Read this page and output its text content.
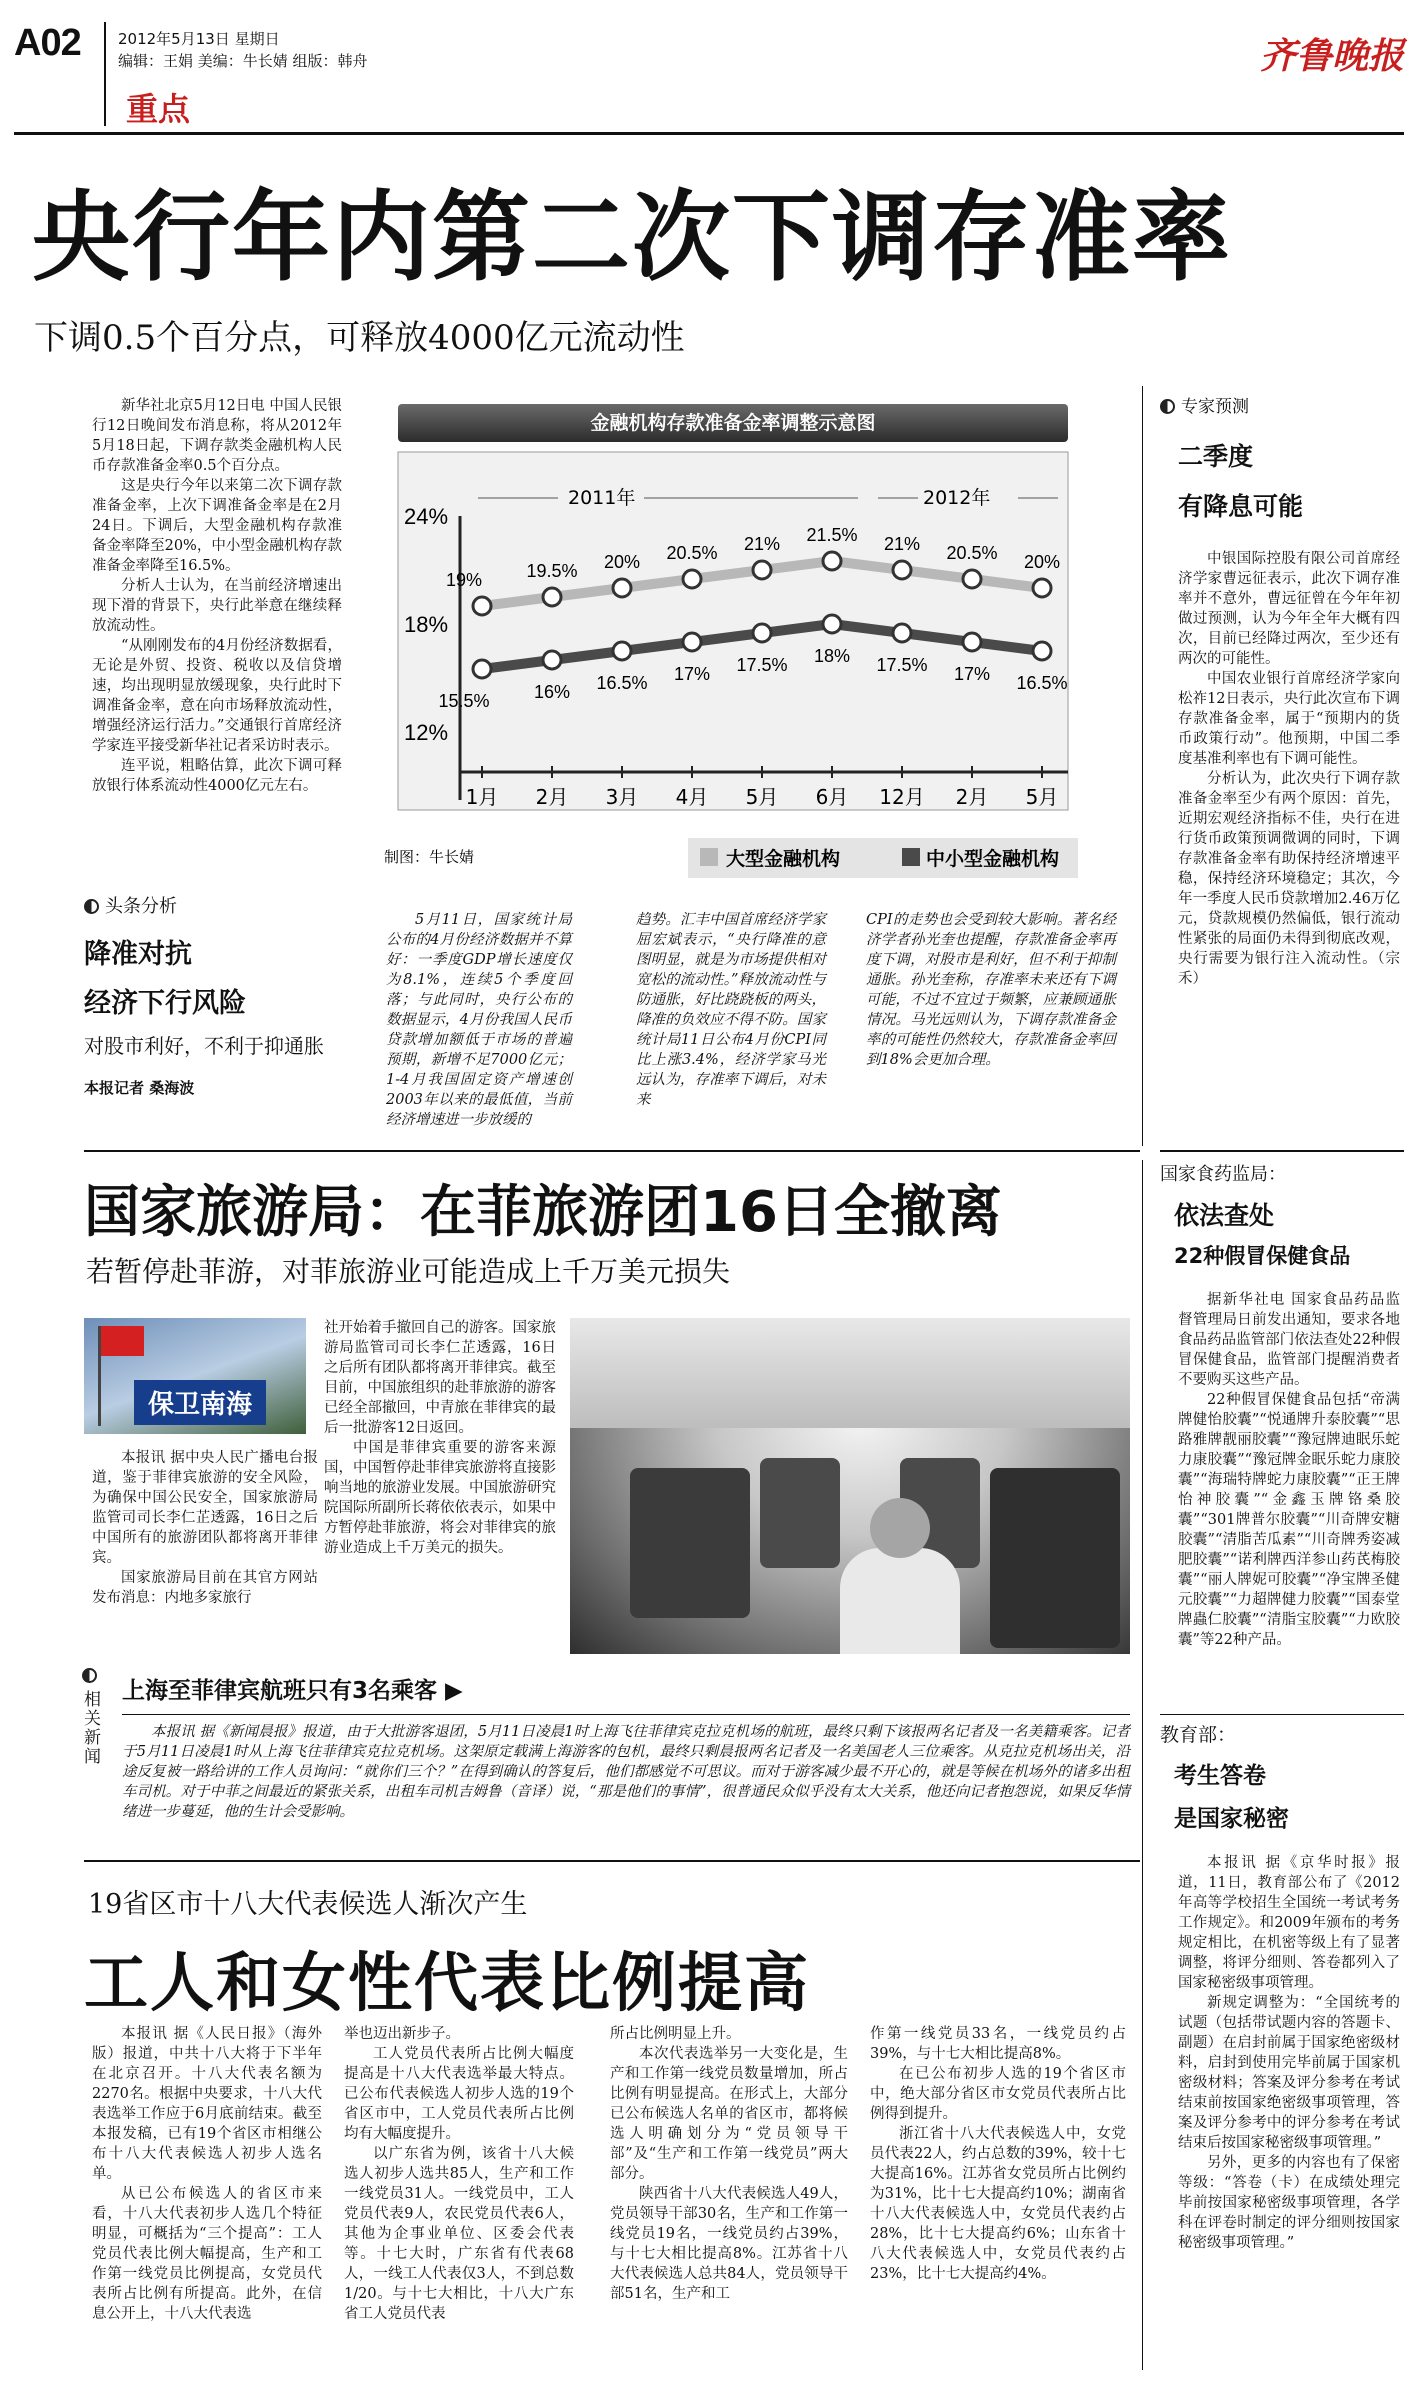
A02 2012年5月13日 星期日
编辑：王娟 美编：牛长婧 组版：韩舟
重点
齐鲁晚报
央行年内第二次下调存准率
下调0.5个百分点，可释放4000亿元流动性

新华社北京5月12日电 中国人民银行12日晚间发布消息称，将从2012年5月18日起，下调存款类金融机构人民币存款准备金率0.5个百分点。

这是央行今年以来第二次下调存款准备金率，上次下调准备金率是在2月24日。下调后，大型金融机构存款准备金率降至20%，中小型金融机构存款准备金率降至16.5%。

分析人士认为，在当前经济增速出现下滑的背景下，央行此举意在继续释放流动性。

“从刚刚发布的4月份经济数据看，无论是外贸、投资、税收以及信贷增速，均出现明显放缓现象，央行此时下调准备金率，意在向市场释放流动性，增强经济运行活力。”交通银行首席经济学家连平接受新华社记者采访时表示。

连平说，粗略估算，此次下调可释放银行体系流动性4000亿元左右。

金融机构存款准备金率调整示意图
24%
18%
12%
2011年	2012年
1月 2月 3月 4月 5月 6月 12月 2月 5月
19% 19.5% 20% 20.5% 21% 21.5% 21% 20.5% 20%
15.5% 16% 16.5% 17% 17.5% 18% 17.5% 17% 16.5%
制图：牛长婧	大型金融机构	中小型金融机构
专家预测
二季度
有降息可能

中银国际控股有限公司首席经济学家曹远征表示，此次下调存准率并不意外，曹远征曾在今年年初做过预测，认为今年全年大概有四次，目前已经降过两次，至少还有两次的可能性。

中国农业银行首席经济学家向松祚12日表示，央行此次宣布下调存款准备金率，属于“预期内的货币政策行动”。他预期，中国二季度基准利率也有下调可能性。

分析认为，此次央行下调存款准备金率至少有两个原因：首先，近期宏观经济指标不佳，央行在进行货币政策预调微调的同时，下调存款准备金率有助保持经济增速平稳，保持经济环境稳定；其次，今年一季度人民币贷款增加2.46万亿元，贷款规模仍然偏低，银行流动性紧张的局面仍未得到彻底改观，央行需要为银行注入流动性。（宗禾）

头条分析
降准对抗
经济下行风险
对股市利好，不利于抑通胀
本报记者 桑海波
5月11日，国家统计局公布的4月份经济数据并不算好：一季度GDP增长速度仅为8.1%，连续5个季度回落；与此同时，央行公布的数据显示，4月份我国人民币贷款增加额低于市场的普遍预期，新增不足7000亿元；1-4月我国固定资产增速创2003年以来的最低值，当前经济增速进一步放缓的
趋势。汇丰中国首席经济学家屈宏斌表示，“央行降准的意图明显，就是为市场提供相对宽松的流动性。”释放流动性与防通胀，好比跷跷板的两头，降准的负效应不得不防。国家统计局11日公布4月份CPI同比上涨3.4%，经济学家马光远认为，存准率下调后，对未来
CPI的走势也会受到较大影响。著名经济学者孙光奎也提醒，存款准备金率再度下调，对股市是利好，但不利于抑制通胀。孙光奎称，存准率未来还有下调可能，不过不宜过于频繁，应兼顾通胀情况。马光远则认为，下调存款准备金率的可能性仍然较大，存款准备金率回到18%会更加合理。
国家食药监局：
依法查处
22种假冒保健食品

据新华社电 国家食品药品监督管理局日前发出通知，要求各地食品药品监管部门依法查处22种假冒保健食品，监管部门提醒消费者不要购买这些产品。

22种假冒保健食品包括“帝满牌健怡胶囊”“悦通牌升泰胶囊”“思路雅牌靓丽胶囊”“豫冠牌迪眠乐蛇力康胶囊”“豫冠牌金眠乐蛇力康胶囊”“海瑞特牌蛇力康胶囊”“正王牌怡神胶囊”“金鑫玉牌铬桑胶囊”“301牌普尔胶囊”“川奇牌安糖胶囊”“清脂苦瓜素”“川奇牌秀姿减肥胶囊”“诺利牌西洋参山药芪梅胶囊”“丽人牌妮可胶囊”“净宝牌圣健元胶囊”“力超牌健力胶囊”“国泰堂牌蟲仁胶囊”“清脂宝胶囊”“力欧胶囊”等22种产品。

国家旅游局：在菲旅游团16日全撤离
若暂停赴菲游，对菲旅游业可能造成上千万美元损失
保卫南海

本报讯 据中央人民广播电台报道，鉴于菲律宾旅游的安全风险，为确保中国公民安全，国家旅游局监管司司长李仁芷透露，16日之后中国所有的旅游团队都将离开菲律宾。

国家旅游局目前在其官方网站发布消息：内地多家旅行

社开始着手撤回自己的游客。国家旅游局监管司司长李仁芷透露，16日之后所有团队都将离开菲律宾。截至目前，中国旅组织的赴菲旅游的游客已经全部撤回，中青旅在菲律宾的最后一批游客12日返回。

中国是菲律宾重要的游客来源国，中国暂停赴菲律宾旅游将直接影响当地的旅游业发展。中国旅游研究院国际所副所长蒋依依表示，如果中方暂停赴菲旅游，将会对菲律宾的旅游业造成上千万美元的损失。

相关新闻 上海至菲律宾航班只有3名乘客 ▶
本报讯 据《新闻晨报》报道，由于大批游客退团，5月11日凌晨1时上海飞往菲律宾克拉克机场的航班，最终只剩下该报两名记者及一名美籍乘客。记者于5月11日凌晨1时从上海飞往菲律宾克拉克机场。这架原定载满上海游客的包机，最终只剩晨报两名记者及一名美国老人三位乘客。从克拉克机场出关，沿途反复被一路给讲的工作人员询问：“就你们三个？”在得到确认的答复后，他们都感觉不可思议。而对于游客减少最不开心的，就是等候在机场外的诸多出租车司机。对于中菲之间最近的紧张关系，出租车司机吉姆鲁（音译）说，“那是他们的事情”，很普通民众似乎没有太大关系，他还向记者抱怨说，如果反华情绪进一步蔓延，他的生计会受影响。
教育部：
考生答卷
是国家秘密

本报讯 据《京华时报》报道，11日，教育部公布了《2012年高等学校招生全国统一考试考务工作规定》。和2009年颁布的考务规定相比，在机密等级上有了显著调整，将评分细则、答卷都列入了国家秘密级事项管理。

新规定调整为：“全国统考的试题（包括带试题内容的答题卡、副题）在启封前属于国家绝密级材料，启封到使用完毕前属于国家机密级材料；答案及评分参考在考试结束前按国家绝密级事项管理，答案及评分参考中的评分参考在考试结束后按国家秘密级事项管理。”

另外，更多的内容也有了保密等级：“答卷（卡）在成绩处理完毕前按国家秘密级事项管理，各学科在评卷时制定的评分细则按国家秘密级事项管理。”

19省区市十八大代表候选人渐次产生
工人和女性代表比例提高

本报讯 据《人民日报》（海外版）报道，中共十八大将于下半年在北京召开。十八大代表名额为2270名。根据中央要求，十八大代表选举工作应于6月底前结束。截至本报发稿，已有19个省区市相继公布十八大代表候选人初步人选名单。

从已公布候选人的省区市来看，十八大代表初步人选几个特征明显，可概括为“三个提高”：工人党员代表比例大幅提高，生产和工作第一线党员比例提高，女党员代表所占比例有所提高。此外，在信息公开上，十八大代表选

举也迈出新步子。

工人党员代表所占比例大幅度提高是十八大代表选举最大特点。已公布代表候选人初步人选的19个省区市中，工人党员代表所占比例均有大幅度提升。

以广东省为例，该省十八大候选人初步人选共85人，生产和工作一线党员31人。一线党员中，工人党员代表9人，农民党员代表6人，其他为企事业单位、区委会代表等。十七大时，广东省有代表68人，一线工人代表仅3人，不到总数1/20。与十七大相比，十八大广东省工人党员代表

所占比例明显上升。

本次代表选举另一大变化是，生产和工作第一线党员数量增加，所占比例有明显提高。在形式上，大部分已公布候选人名单的省区市，都将候选人明确划分为“党员领导干部”及“生产和工作第一线党员”两大部分。

陕西省十八大代表候选人49人，党员领导干部30名，生产和工作第一线党员19名，一线党员约占39%，与十七大相比提高8%。江苏省十八大代表候选人总共84人，党员领导干部51名，生产和工

作第一线党员33名，一线党员约占39%，与十七大相比提高8%。

在已公布初步人选的19个省区市中，绝大部分省区市女党员代表所占比例得到提升。

浙江省十八大代表候选人中，女党员代表22人，约占总数的39%，较十七大提高16%。江苏省女党员所占比例约为31%，比十七大提高约10%；湖南省十八大代表候选人中，女党员代表约占28%，比十七大提高约6%；山东省十八大代表候选人中，女党员代表约占23%，比十七大提高约4%。
